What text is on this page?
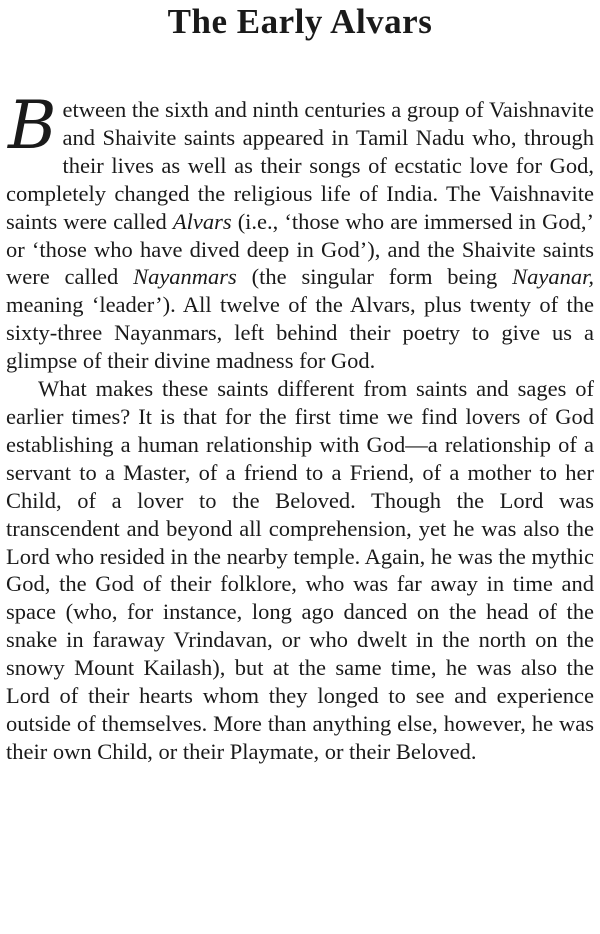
The Early Alvars

Between the sixth and ninth centuries a group of Vaishnavite and Shaivite saints appeared in Tamil Nadu who, through their lives as well as their songs of ecstatic love for God, completely changed the religious life of India. The Vaishnavite saints were called Alvars (i.e., ‘those who are immersed in God,’ or ‘those who have dived deep in God’), and the Shaivite saints were called Nayanmars (the singular form being Nayanar, meaning ‘leader’). All twelve of the Alvars, plus twenty of the sixty-three Nayanmars, left behind their poetry to give us a glimpse of their divine madness for God.

What makes these saints different from saints and sages of earlier times? It is that for the first time we find lovers of God establishing a human relationship with God—a relationship of a servant to a Master, of a friend to a Friend, of a mother to her Child, of a lover to the Beloved. Though the Lord was transcendent and beyond all comprehension, yet he was also the Lord who resided in the nearby temple. Again, he was the mythic God, the God of their folklore, who was far away in time and space (who, for instance, long ago danced on the head of the snake in faraway Vrindavan, or who dwelt in the north on the snowy Mount Kailash), but at the same time, he was also the Lord of their hearts whom they longed to see and experience outside of themselves. More than anything else, however, he was their own Child, or their Playmate, or their Beloved.
